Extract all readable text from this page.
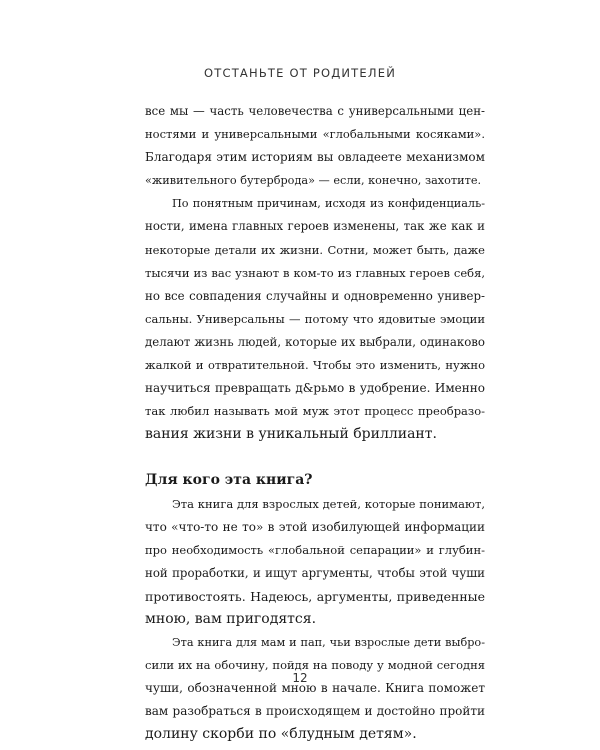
ОТСТАНЬТЕ ОТ РОДИТЕЛЕЙ
все мы — часть человечества с универсальными цен-
ностями и универсальными «глобальными косяками».
Благодаря этим историям вы овладеете механизмом
«живительного бутерброда» — если, конечно, захотите.
По понятным причинам, исходя из конфиденциаль-
ности, имена главных героев изменены, так же как и
некоторые детали их жизни. Сотни, может быть, даже
тысячи из вас узнают в ком-то из главных героев себя,
но все совпадения случайны и одновременно универ-
сальны. Универсальны — потому что ядовитые эмоции
делают жизнь людей, которые их выбрали, одинаково
жалкой и отвратительной. Чтобы это изменить, нужно
научиться превращать д&рьмо в удобрение. Именно
так любил называть мой муж этот процесс преобразо-
вания жизни в уникальный бриллиант.
Для кого эта книга?
Эта книга для взрослых детей, которые понимают,
что «что-то не то» в этой изобилующей информации
про необходимость «глобальной сепарации» и глубин-
ной проработки, и ищут аргументы, чтобы этой чуши
противостоять. Надеюсь, аргументы, приведенные
мною, вам пригодятся.
Эта книга для мам и пап, чьи взрослые дети выбро-
сили их на обочину, пойдя на поводу у модной сегодня
чуши, обозначенной мною в начале. Книга поможет
вам разобраться в происходящем и достойно пройти
долину скорби по «блудным детям».
12
